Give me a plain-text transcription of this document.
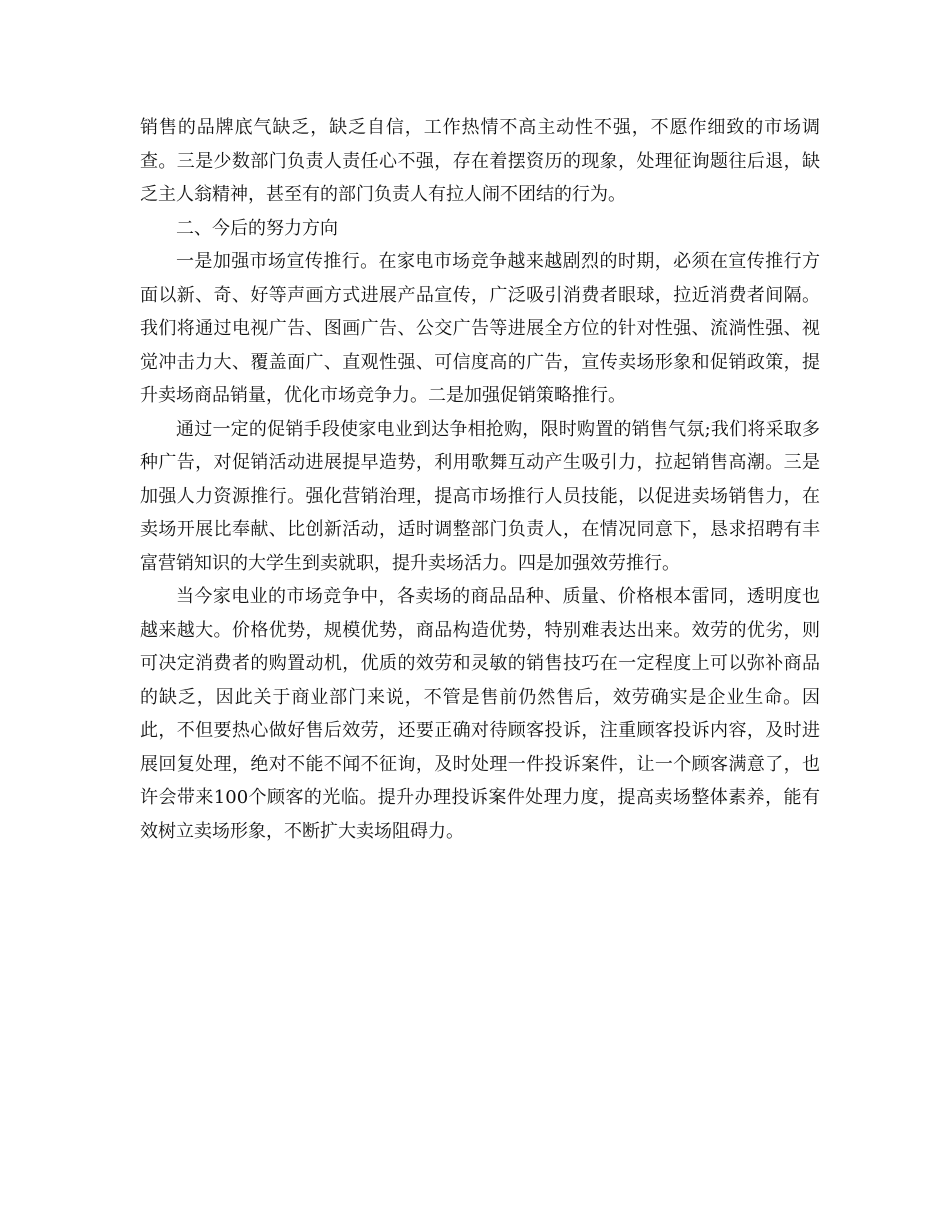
销售的品牌底气缺乏，缺乏自信，工作热情不高主动性不强，不愿作细致的市场调查。三是少数部门负责人责任心不强，存在着摆资历的现象，处理征询题往后退，缺乏主人翁精神，甚至有的部门负责人有拉人闹不团结的行为。

二、今后的努力方向

一是加强市场宣传推行。在家电市场竞争越来越剧烈的时期，必须在宣传推行方面以新、奇、好等声画方式进展产品宣传，广泛吸引消费者眼球，拉近消费者间隔。我们将通过电视广告、图画广告、公交广告等进展全方位的针对性强、流淌性强、视觉冲击力大、覆盖面广、直观性强、可信度高的广告，宣传卖场形象和促销政策，提升卖场商品销量，优化市场竞争力。二是加强促销策略推行。

通过一定的促销手段使家电业到达争相抢购，限时购置的销售气氛;我们将采取多种广告，对促销活动进展提早造势，利用歌舞互动产生吸引力，拉起销售高潮。三是加强人力资源推行。强化营销治理，提高市场推行人员技能，以促进卖场销售力，在卖场开展比奉献、比创新活动，适时调整部门负责人，在情况同意下，恳求招聘有丰富营销知识的大学生到卖就职，提升卖场活力。四是加强效劳推行。

当今家电业的市场竞争中，各卖场的商品品种、质量、价格根本雷同，透明度也越来越大。价格优势，规模优势，商品构造优势，特别难表达出来。效劳的优劣，则可决定消费者的购置动机，优质的效劳和灵敏的销售技巧在一定程度上可以弥补商品的缺乏，因此关于商业部门来说，不管是售前仍然售后，效劳确实是企业生命。因此，不但要热心做好售后效劳，还要正确对待顾客投诉，注重顾客投诉内容，及时进展回复处理，绝对不能不闻不征询，及时处理一件投诉案件，让一个顾客满意了，也许会带来100个顾客的光临。提升办理投诉案件处理力度，提高卖场整体素养，能有效树立卖场形象，不断扩大卖场阻碍力。
